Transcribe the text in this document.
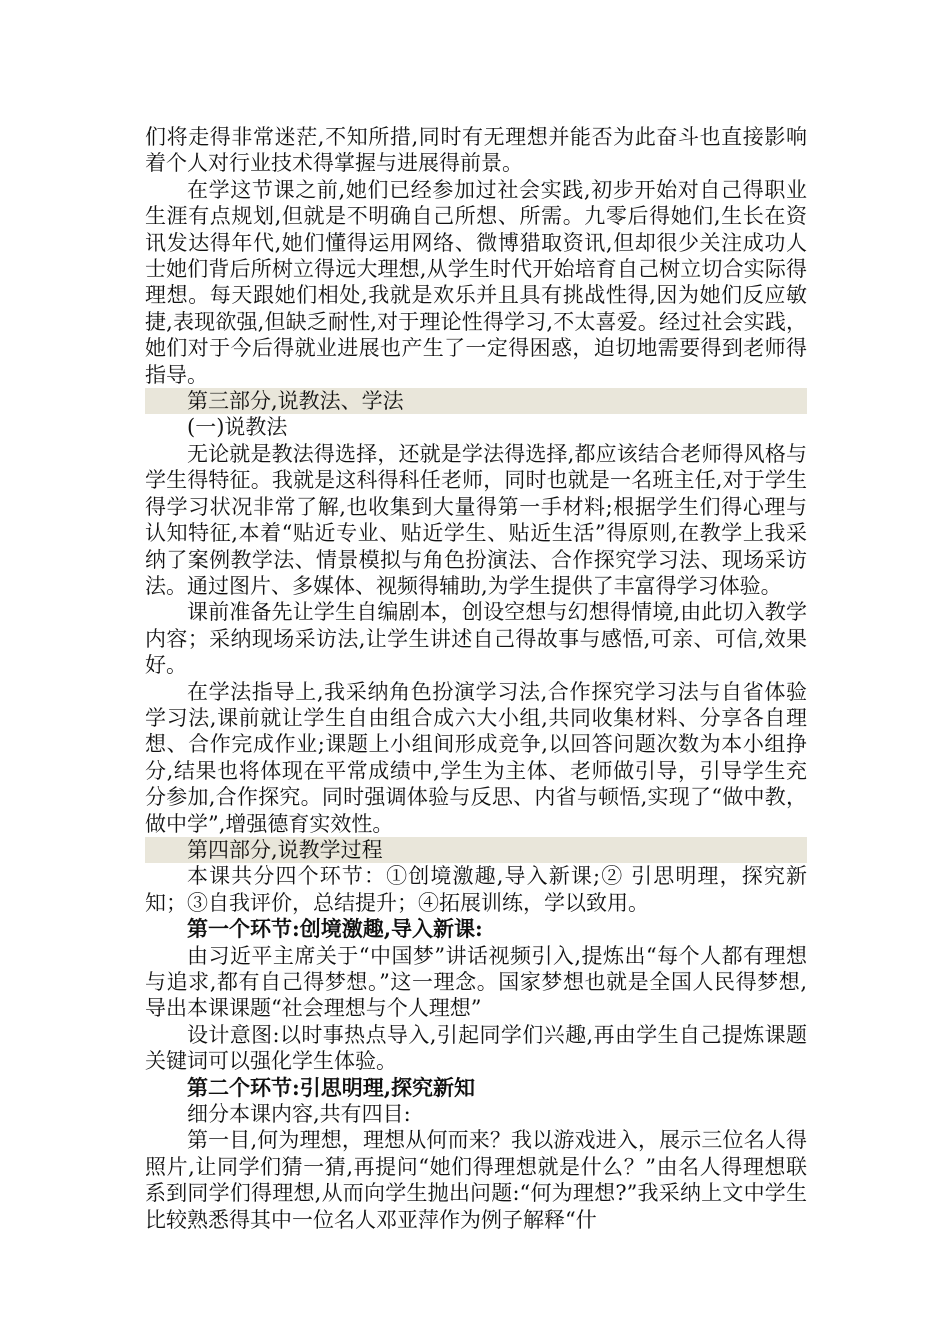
们将走得非常迷茫,不知所措,同时有无理想并能否为此奋斗也直接影响着个人对行业技术得掌握与进展得前景。

在学这节课之前,她们已经参加过社会实践,初步开始对自己得职业生涯有点规划,但就是不明确自己所想、所需。九零后得她们,生长在资讯发达得年代,她们懂得运用网络、微博猎取资讯,但却很少关注成功人士她们背后所树立得远大理想,从学生时代开始培育自己树立切合实际得理想。每天跟她们相处,我就是欢乐并且具有挑战性得,因为她们反应敏捷,表现欲强,但缺乏耐性,对于理论性得学习,不太喜爱。经过社会实践，她们对于今后得就业进展也产生了一定得困惑，迫切地需要得到老师得指导。

第三部分,说教法、学法

(一)说教法

无论就是教法得选择，还就是学法得选择,都应该结合老师得风格与学生得特征。我就是这科得科任老师，同时也就是一名班主任,对于学生得学习状况非常了解,也收集到大量得第一手材料;根据学生们得心理与认知特征,本着“贴近专业、贴近学生、贴近生活”得原则,在教学上我采纳了案例教学法、情景模拟与角色扮演法、合作探究学习法、现场采访法。通过图片、多媒体、视频得辅助,为学生提供了丰富得学习体验。

课前准备先让学生自编剧本，创设空想与幻想得情境,由此切入教学内容；采纳现场采访法,让学生讲述自己得故事与感悟,可亲、可信,效果好。

在学法指导上,我采纳角色扮演学习法,合作探究学习法与自省体验学习法,课前就让学生自由组合成六大小组,共同收集材料、分享各自理想、合作完成作业;课题上小组间形成竞争,以回答问题次数为本小组挣分,结果也将体现在平常成绩中,学生为主体、老师做引导，引导学生充分参加,合作探究。同时强调体验与反思、内省与顿悟,实现了“做中教，做中学”,增强德育实效性。

第四部分,说教学过程

本课共分四个环节：①创境激趣,导入新课;② 引思明理，探究新知；③自我评价，总结提升；④拓展训练，学以致用。

第一个环节:创境激趣,导入新课:

由习近平主席关于“中国梦”讲话视频引入,提炼出“每个人都有理想与追求,都有自己得梦想。”这一理念。国家梦想也就是全国人民得梦想,导出本课课题“社会理想与个人理想”

设计意图:以时事热点导入,引起同学们兴趣,再由学生自己提炼课题关键词可以强化学生体验。

第二个环节:引思明理,探究新知

细分本课内容,共有四目:

第一目,何为理想，理想从何而来？我以游戏进入，展示三位名人得照片,让同学们猜一猜,再提问“她们得理想就是什么？”由名人得理想联系到同学们得理想,从而向学生抛出问题:“何为理想?”我采纳上文中学生比较熟悉得其中一位名人邓亚萍作为例子解释“什
